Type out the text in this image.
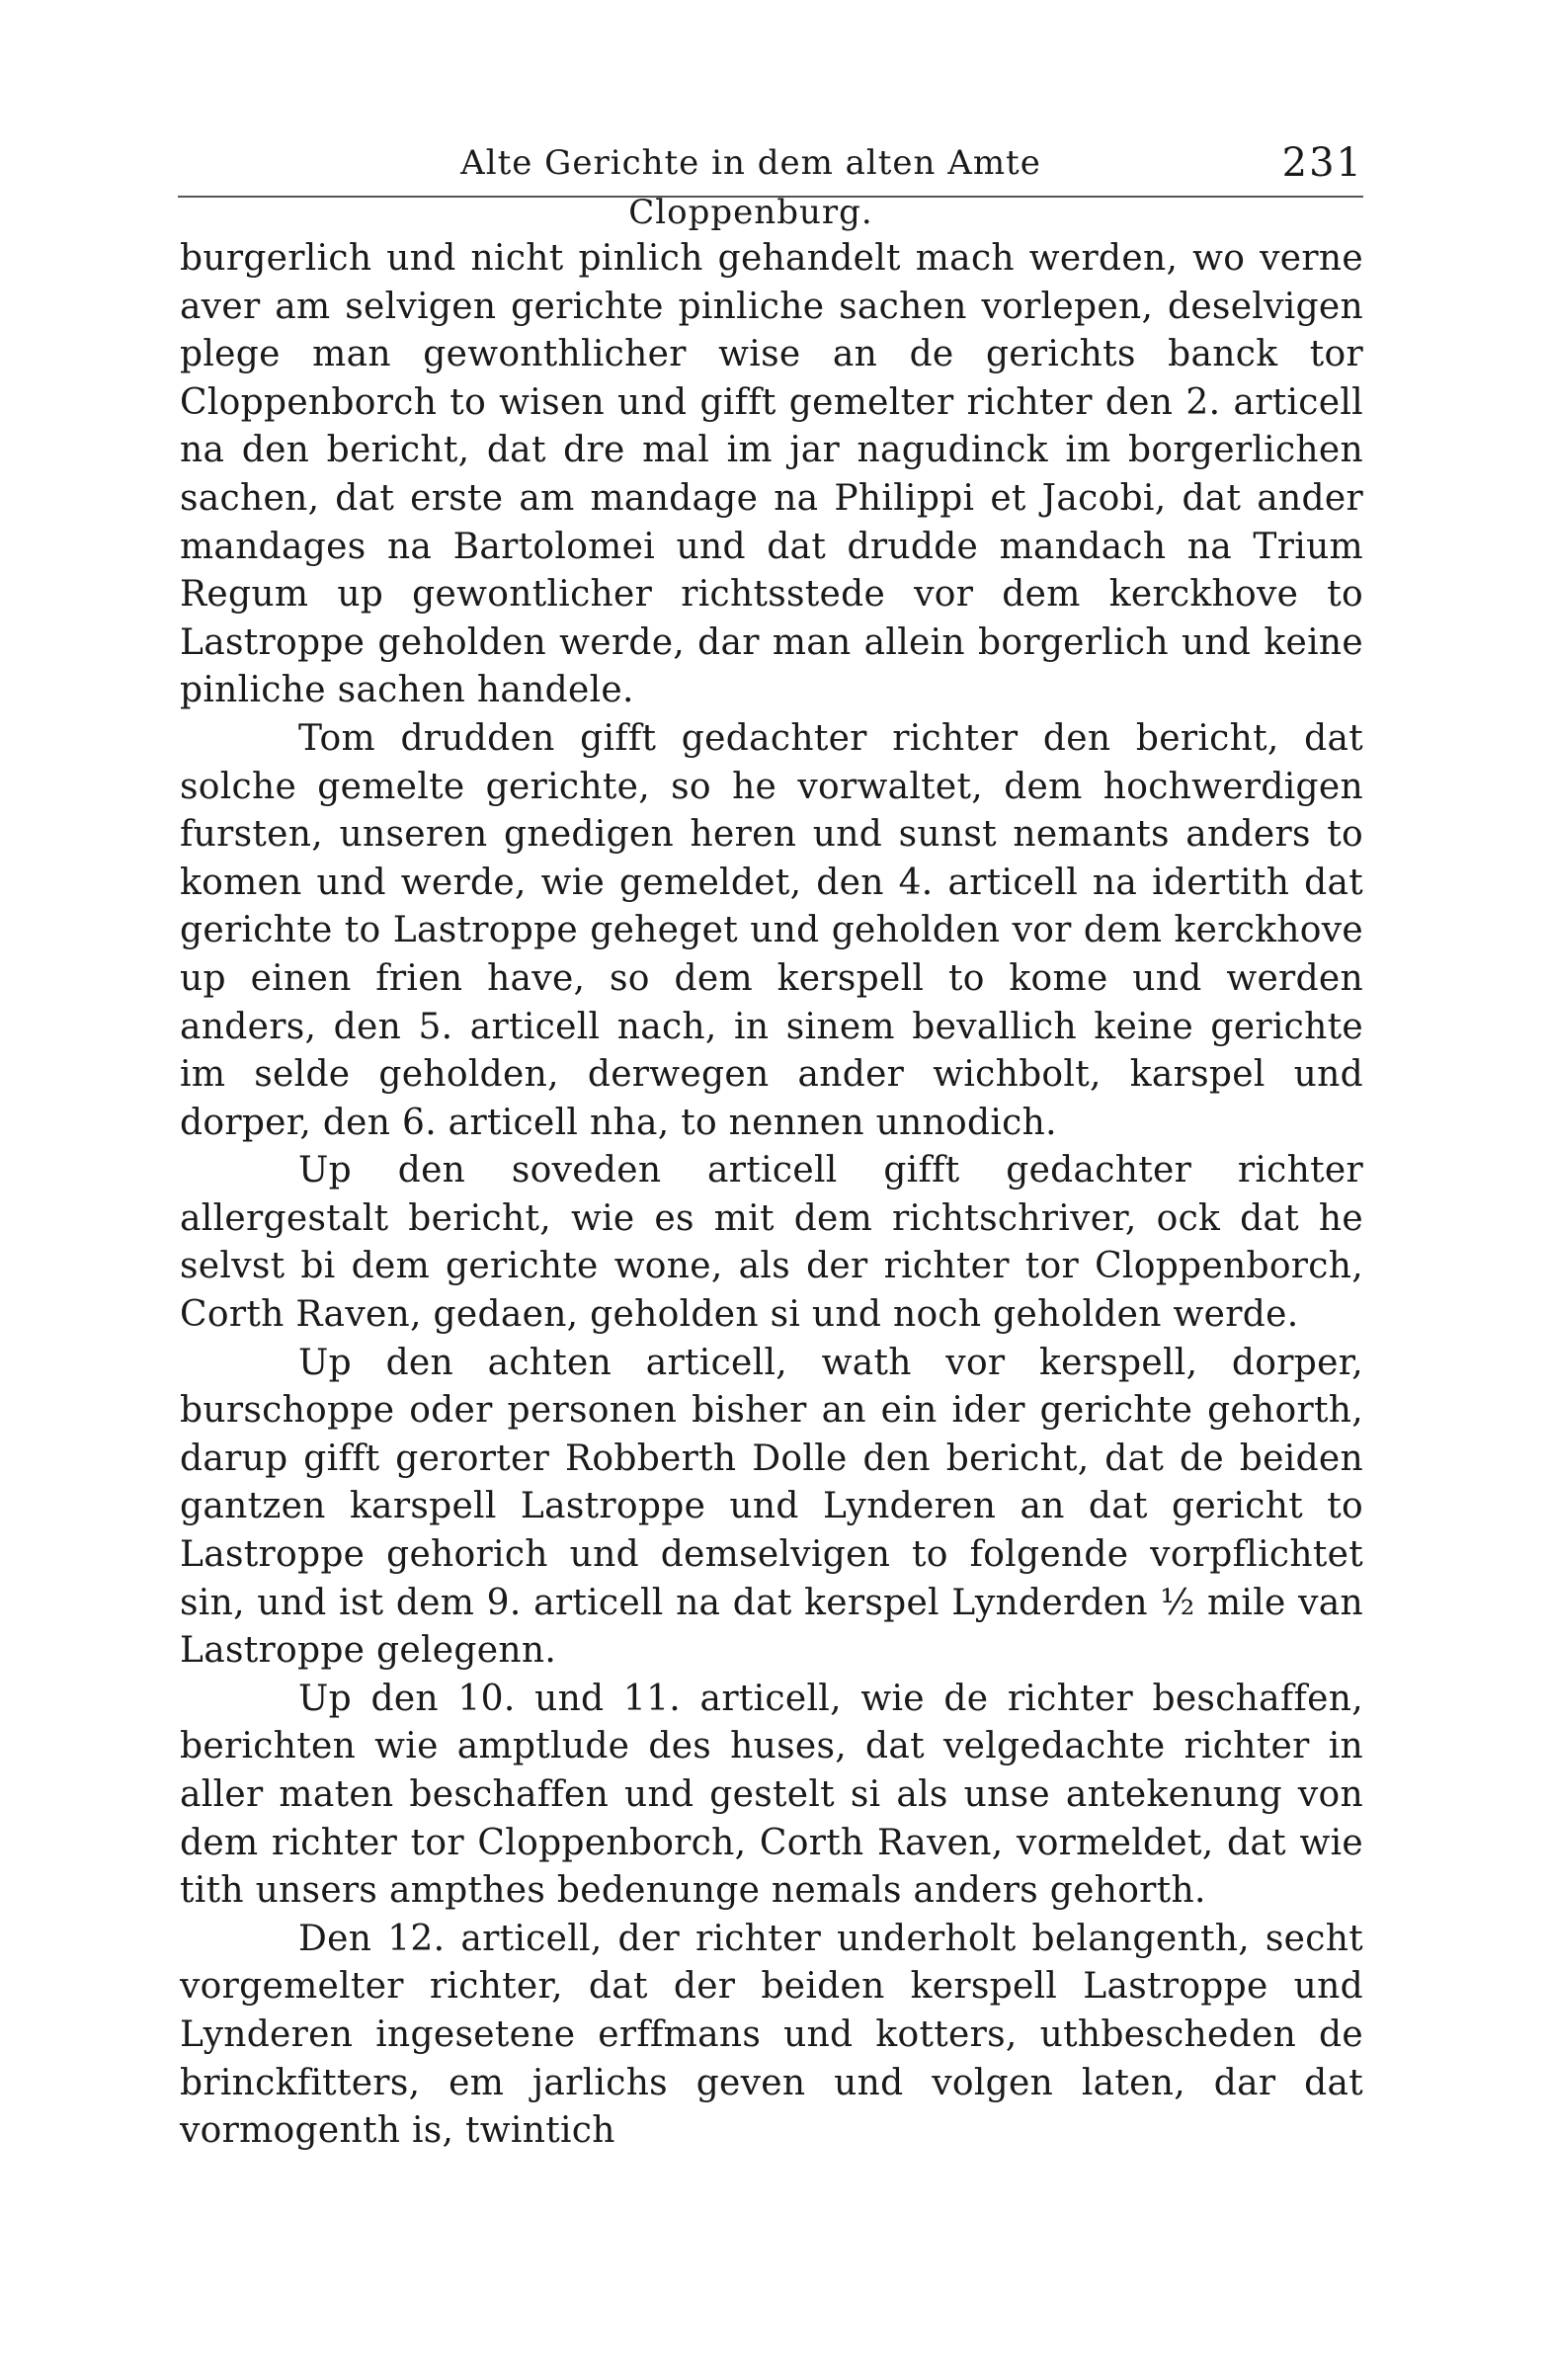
Alte Gerichte in dem alten Amte Cloppenburg.
231

burgerlich und nicht pinlich gehandelt mach werden, wo verne aver am selvigen gerichte pinliche sachen vorlepen, deselvigen plege man gewonthlicher wise an de gerichts banck tor Cloppenborch to wisen und gifft gemelter richter den 2. articell na den bericht, dat dre mal im jar nagudinck im borgerlichen sachen, dat erste am mandage na Philippi et Jacobi, dat ander mandages na Bartolomei und dat drudde mandach na Trium Regum up gewontlicher richtsstede vor dem kerckhove to Lastroppe geholden werde, dar man allein borgerlich und keine pinliche sachen handele.

Tom drudden gifft gedachter richter den bericht, dat solche gemelte gerichte, so he vorwaltet, dem hochwerdigen fursten, unseren gnedigen heren und sunst nemants anders to komen und werde, wie gemeldet, den 4. articell na idertith dat gerichte to Lastroppe geheget und geholden vor dem kerckhove up einen frien have, so dem kerspell to kome und werden anders, den 5. articell nach, in sinem bevallich keine gerichte im selde geholden, derwegen ander wichbolt, karspel und dorper, den 6. articell nha, to nennen unnodich.

Up den soveden articell gifft gedachter richter allergestalt bericht, wie es mit dem richtschriver, ock dat he selvst bi dem gerichte wone, als der richter tor Cloppenborch, Corth Raven, gedaen, geholden si und noch geholden werde.

Up den achten articell, wath vor kerspell, dorper, burschoppe oder personen bisher an ein ider gerichte gehorth, darup gifft gerorter Robberth Dolle den bericht, dat de beiden gantzen karspell Lastroppe und Lynderen an dat gericht to Lastroppe gehorich und demselvigen to folgende vorpflichtet sin, und ist dem 9. articell na dat kerspel Lynderden ½ mile van Lastroppe gelegenn.

Up den 10. und 11. articell, wie de richter beschaffen, berichten wie amptlude des huses, dat velgedachte richter in aller maten beschaffen und gestelt si als unse antekenung von dem richter tor Cloppenborch, Corth Raven, vormeldet, dat wie tith unsers ampthes bedenunge nemals anders gehorth.

Den 12. articell, der richter underholt belangenth, secht vorgemelter richter, dat der beiden kerspell Lastroppe und Lynderen ingesetene erffmans und kotters, uthbescheden de brinckfitters, em jarlichs geven und volgen laten, dar dat vormogenth is, twintich
